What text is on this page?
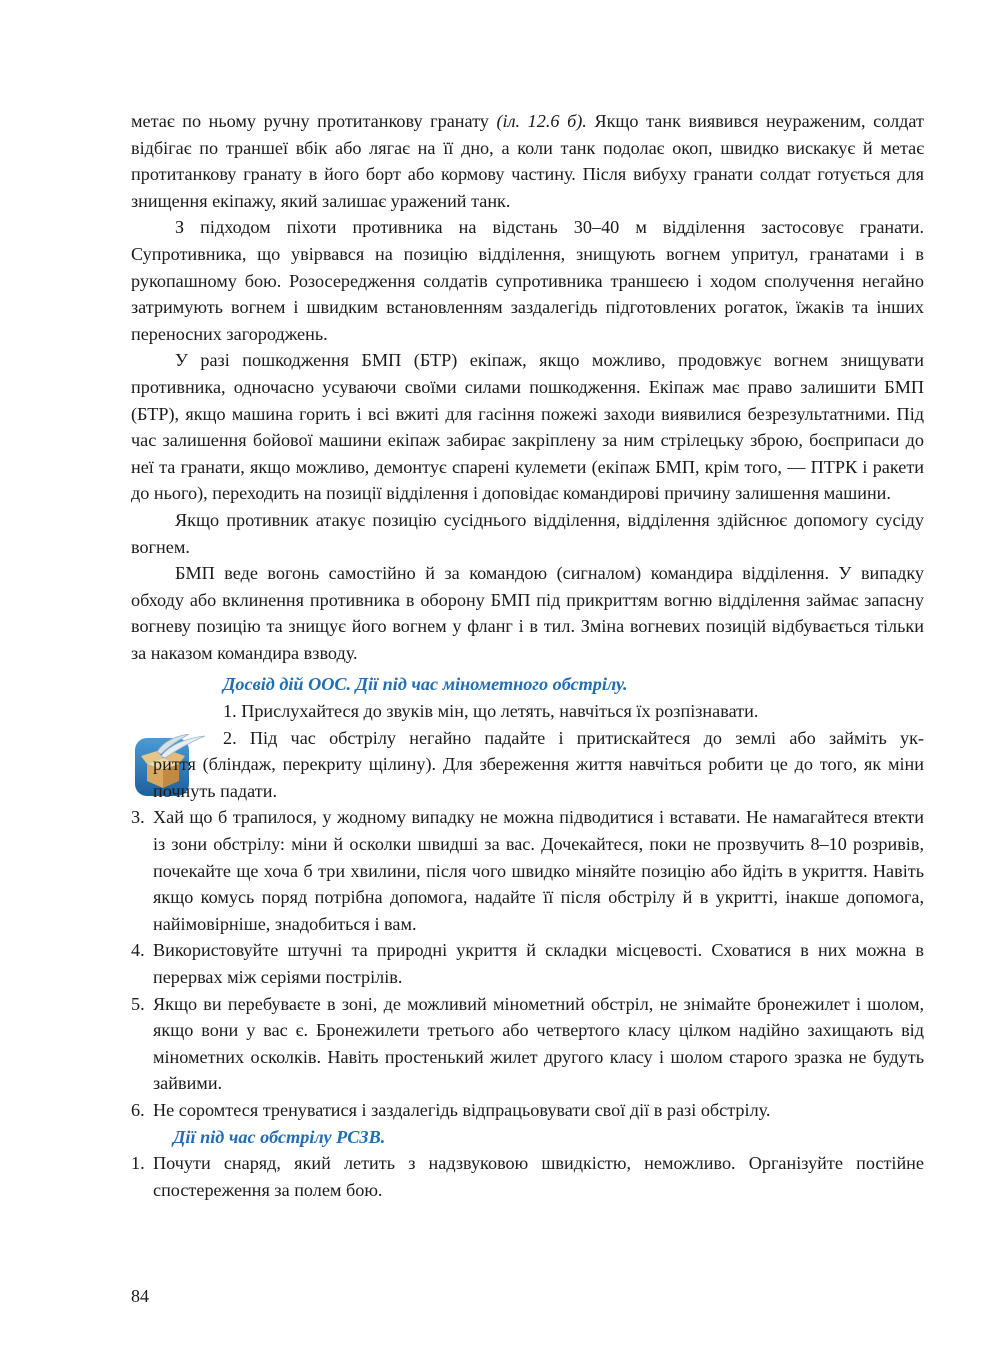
метає по ньому ручну протитанкову гранату (іл. 12.6 б). Якщо танк виявився неураженим, солдат відбігає по траншеї вбік або лягає на її дно, а коли танк подолає окоп, швидко вискакує й метає протитанкову гранату в його борт або кормову частину. Після вибуху гранати солдат готується для знищення екіпажу, який залишає уражений танк.

З підходом піхоти противника на відстань 30–40 м відділення застосовує гранати. Супротивника, що увірвався на позицію відділення, знищують вогнем упритул, гранатами і в рукопашному бою. Розосередження солдатів супротивника траншеєю і ходом сполучення негайно затримують вогнем і швидким встановленням заздалегідь підготовлених рогаток, їжаків та інших переносних загороджень.

У разі пошкодження БМП (БТР) екіпаж, якщо можливо, продовжує вогнем знищувати противника, одночасно усуваючи своїми силами пошкодження. Екіпаж має право залишити БМП (БТР), якщо машина горить і всі вжиті для гасіння пожежі заходи виявилися безрезультатними. Під час залишення бойової машини екіпаж забирає закріплену за ним стрілецьку зброю, боєприпаси до неї та гранати, якщо можливо, демонтує спарені кулемети (екіпаж БМП, крім того, — ПТРК і ракети до нього), переходить на позиції відділення і доповідає командирові причину залишення машини.

Якщо противник атакує позицію сусіднього відділення, відділення здійснює допомогу сусіду вогнем.

БМП веде вогонь самостійно й за командою (сигналом) командира відділення. У випадку обходу або вклинення противника в оборону БМП під прикриттям вогню відділення займає запасну вогневу позицію та знищує його вогнем у фланг і в тил. Зміна вогневих позицій відбувається тільки за наказом командира взводу.

Досвід дій ООС. Дії під час мінометного обстрілу.

1. Прислухайтеся до звуків мін, що летять, навчіться їх розпізнавати.

2. Під час обстрілу негайно падайте і притискайтеся до землі або займіть ук-

риття (бліндаж, перекриту щілину). Для збереження життя навчіться робити це до того, як міни почнуть падати.

3. Хай що б трапилося, у жодному випадку не можна підводитися і вставати. Не намагайтеся втекти із зони обстрілу: міни й осколки швидші за вас. Дочекайтеся, поки не прозвучить 8–10 розривів, почекайте ще хоча б три хвилини, після чого швидко міняйте позицію або йдіть в укриття. Навіть якщо комусь поряд потрібна допомога, надайте її після обстрілу й в укритті, інакше допомога, найімовірніше, знадобиться і вам.
4. Використовуйте штучні та природні укриття й складки місцевості. Сховатися в них можна в перервах між серіями пострілів.
5. Якщо ви перебуваєте в зоні, де можливий мінометний обстріл, не знімайте бронежилет і шолом, якщо вони у вас є. Бронежилети третього або четвертого класу цілком надійно захищають від мінометних осколків. Навіть простенький жилет другого класу і шолом старого зразка не будуть зайвими.
6. Не соромтеся тренуватися і заздалегідь відпрацьовувати свої дії в разі обстрілу.

Дії під час обстрілу РСЗВ.

1. Почути снаряд, який летить з надзвуковою швидкістю, неможливо. Організуйте постійне спостереження за полем бою.
84
